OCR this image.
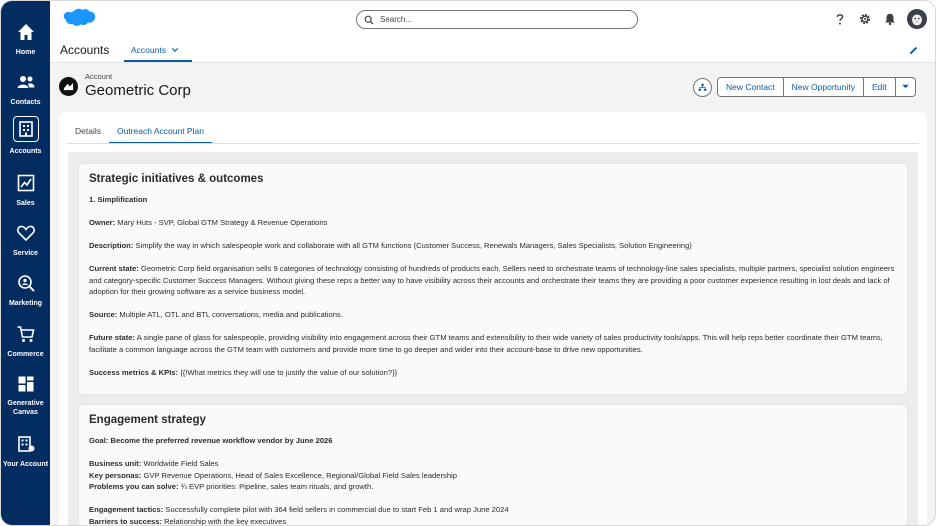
Home
Contacts
Accounts
Sales
Service
Marketing
Commerce
Generative Canvas
Your Account
Search...
Accounts	Accounts
Account
Geometric Corp	New Contact	New Opportunity	Edit
Details	Outreach Account Plan
Strategic initiatives & outcomes
1. Simplification
Owner: Mary Huts - SVP, Global GTM Strategy & Revenue Operations
Description: Simplify the way in which salespeople work and collaborate with all GTM functions (Customer Success, Renewals Managers, Sales Specialists, Solution Engineering)
Current state: Geometric Corp field organisation sells 9 categories of technology consisting of hundreds of products each. Sellers need to orchestrate teams of technology-line sales specialists, multiple partners, specialist solution engineers and category-specific Customer Success Managers. Without giving these reps a better way to have visibility across their accounts and orchestrate their teams they are providing a poor customer experience resulting in lost deals and lack of adoption for their growing software as a service business model.
Source: Multiple ATL, OTL and BTL conversations, media and publications.
Future state: A single pane of glass for salespeople, providing visibility into engagement across their GTM teams and extensibility to their wide variety of sales productivity tools/apps. This will help reps better coordinate their GTM teams, facilitate a common language across the GTM team with customers and provide more time to go deeper and wider into their account-base to drive new opportunities.
Success metrics & KPIs: {{!What metrics they will use to justify the value of our solution?}}
Engagement strategy
Goal: Become the preferred revenue workflow vendor by June 2026
Business unit: Worldwide Field Sales
Key personas: GVP Revenue Operations, Head of Sales Excellence, Regional/Global Field Sales leadership
Problems you can solve: ¾ EVP priorities: Pipeline, sales team rituals, and growth.
Engagement tactics: Successfully complete pilot with 364 field sellers in commercial due to start Feb 1 and wrap June 2024
Barriers to success: Relationship with the key executives
